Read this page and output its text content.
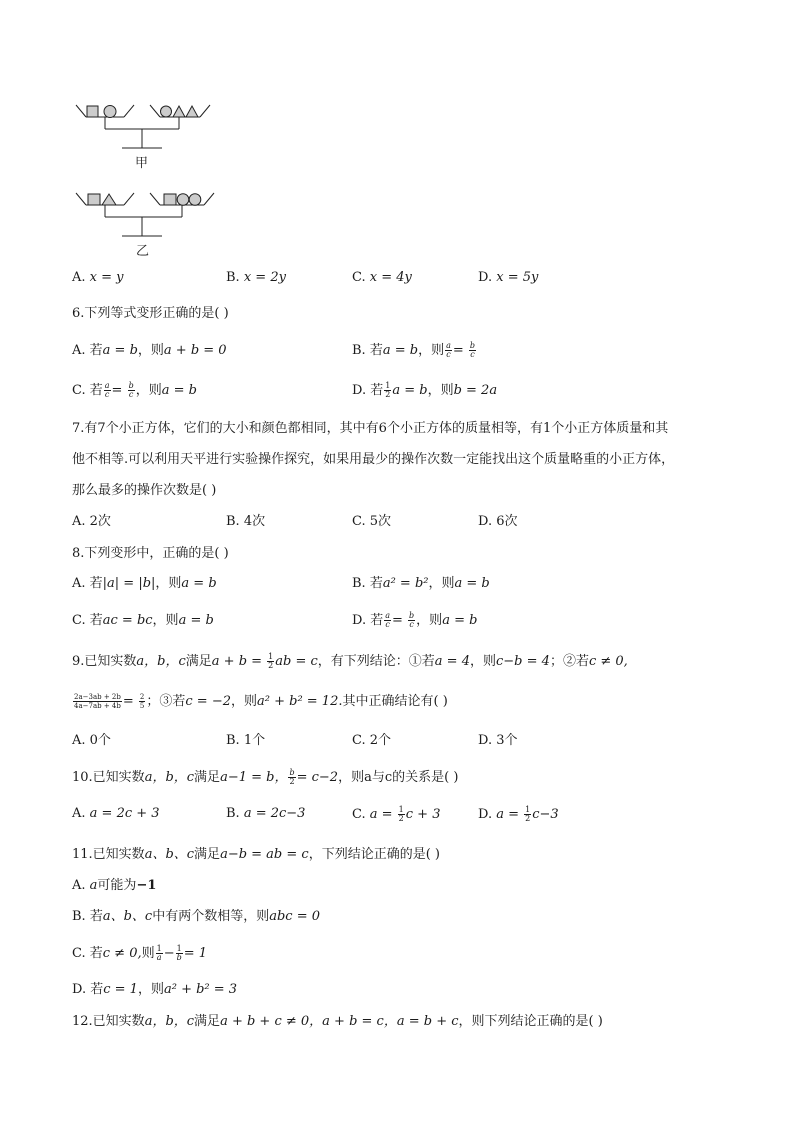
甲
乙
A. x = y	B. x = 2y	C. x = 4y	D. x = 5y
6.下列等式变形正确的是( )
A. 若a = b，则a + b = 0	B. 若a = b，则 $\frac{a}{c} = \frac{b}{c}$
C. 若 $\frac{a}{c} = \frac{b}{c}$ ，则a = b	D. 若 $\frac{1}{2}$ a = b，则b = 2a
7.有7个小正方体，它们的大小和颜色都相同，其中有6个小正方体的质量相等，有1个小正方体质量和其
他不相等.可以利用天平进行实验操作探究，如果用最少的操作次数一定能找出这个质量略重的小正方体，
那么最多的操作次数是( )
A. 2次	B. 4次	C. 5次	D. 6次
8.下列变形中，正确的是( )
A. 若|a| = |b|，则a = b	B. 若a² = b²，则a = b
C. 若ac = bc，则a = b	D. 若 $\frac{a}{c} = \frac{b}{c}$ ，则a = b
9.已知实数a，b，c满足$a + b = \frac{1}{2}$ ab = c，有下列结论：①若a = 4，则c−b = 4；②若c ≠ 0,
$\frac{2a-3ab + 2b}{4a-7ab + 4b} = \frac{2}{5}$ ；③若c = −2，则a² + b² = 12.其中正确结论有( )
A. 0个	B. 1个	C. 2个	D. 3个
10.已知实数a，b，c满足a−1 = b， $\frac{b}{2} = c-2$，则a与c的关系是( )
A. a = 2c + 3	B. a = 2c−3	C. $a = \frac{1}{2}$ c + 3	D. $a = \frac{1}{2} c-3$
11.已知实数a、b、c满足a−b = ab = c，下列结论正确的是( )
A. a可能为−1
B. 若a、b、c中有两个数相等，则abc = 0
C. 若c ≠ 0,则 $\frac{1}{a} - \frac{1}{b} = 1$
D. 若c = 1，则a² + b² = 3
12.已知实数a，b，c满足a + b + c ≠ 0，a + b = c，a = b + c，则下列结论正确的是( )
